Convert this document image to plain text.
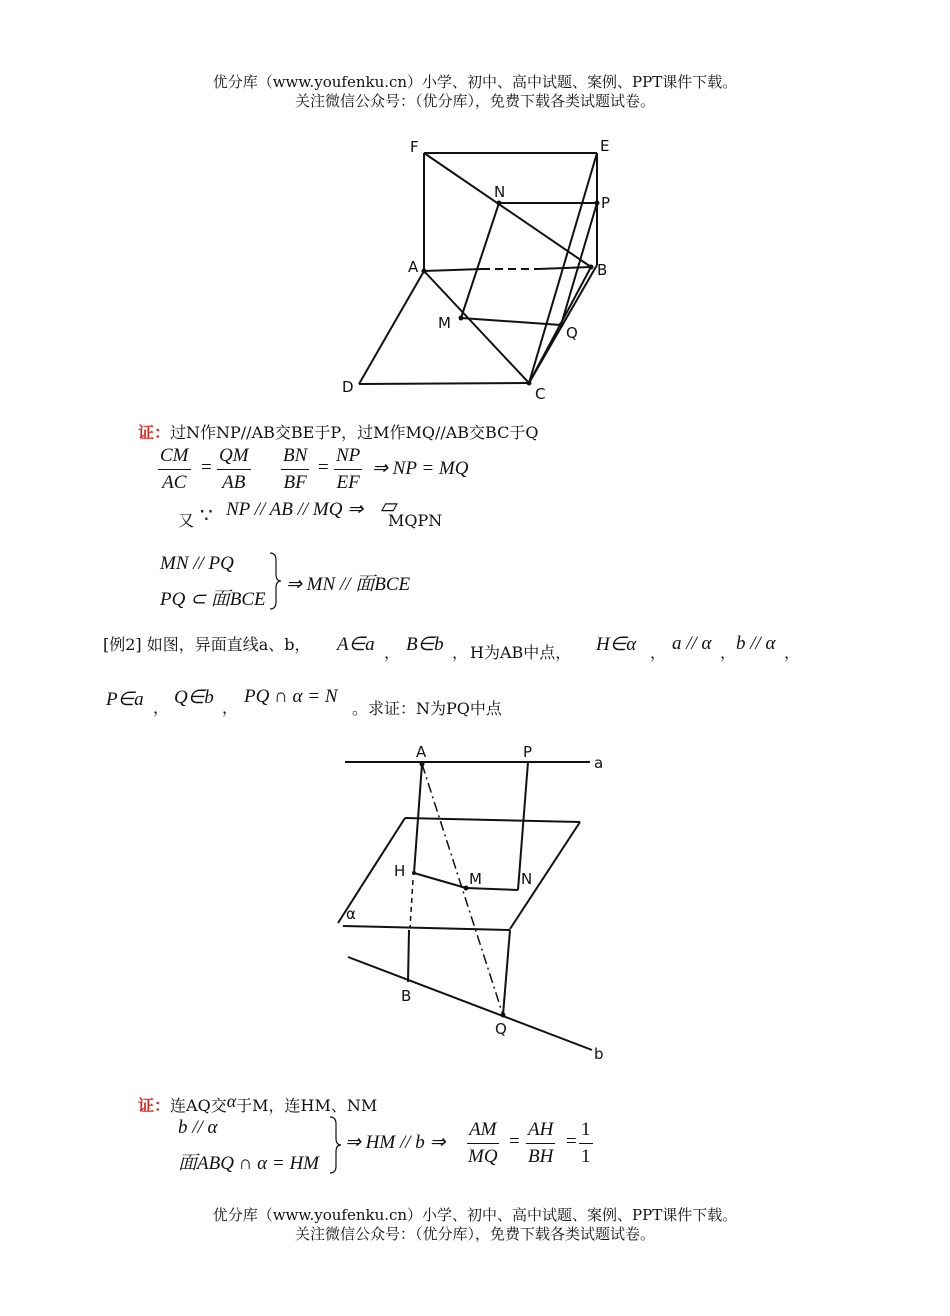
优分库（www.youfenku.cn）小学、初中、高中试题、案例、PPT课件下载。
关注微信公众号：（优分库），免费下载各类试题试卷。
F	E
N
P
A	B
M
Q
D	C
证：过N作NP//AB交BE于P，过M作MQ//AB交BC于Q
$\frac{CM}{AC} = \frac{QM}{AB} \frac{BN}{BF} = \frac{NP}{EF}$ ⇒ NP = MQ
又 ∵ NP // AB // MQ ⇒ ▱
MQPN
MN // PQ
PQ ⊂ 面BCE
⇒ MN // 面BCE
[例2] 如图，异面直线a、b， A∈a ， B∈b ， H为AB中点， H∈α ， a // α ， b // α ，
P∈a ， Q∈b ，
PQ ∩ α = N
。求证：N为PQ中点
A	P
a
H	M	N
α
B
Q
b
证：连AQ交α于M，连HM、NM
b // α
面ABQ ∩ α = HM
⇒ HM // b ⇒ $\frac{AM}{MQ} = \frac{AH}{BH} = \frac{1}{1}$
优分库（www.youfenku.cn）小学、初中、高中试题、案例、PPT课件下载。
关注微信公众号：（优分库），免费下载各类试题试卷。
